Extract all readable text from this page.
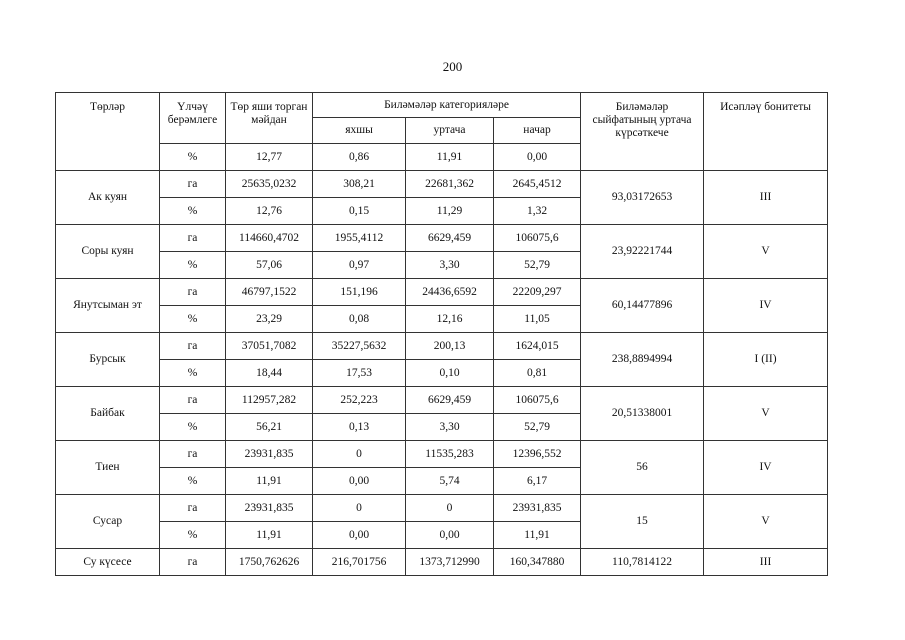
200
Төрләр	Үлчәү берәмлеге	Төр яши торган мәйдан	Биләмәләр категорияләре			Биләмәләр сыйфатының уртача күрсәткече	Исәпләү бонитеты
			яхшы	уртача	начар		
	%	12,77	0,86	11,91	0,00		
Ак куян	га	25635,0232	308,21	22681,362	2645,4512	93,03172653	III
	%	12,76	0,15	11,29	1,32		
Соры куян	га	114660,4702	1955,4112	6629,459	106075,6	23,92221744	V
	%	57,06	0,97	3,30	52,79		
Янутсыман эт	га	46797,1522	151,196	24436,6592	22209,297	60,14477896	IV
	%	23,29	0,08	12,16	11,05		
Бурсык	га	37051,7082	35227,5632	200,13	1624,015	238,8894994	I (II)
	%	18,44	17,53	0,10	0,81		
Байбак	га	112957,282	252,223	6629,459	106075,6	20,51338001	V
	%	56,21	0,13	3,30	52,79		
Тиен	га	23931,835	0	11535,283	12396,552	56	IV
	%	11,91	0,00	5,74	6,17		
Сусар	га	23931,835	0	0	23931,835	15	V
	%	11,91	0,00	0,00	11,91		
Су күсесе	га	1750,762626	216,701756	1373,712990	160,347880	110,7814122	III
